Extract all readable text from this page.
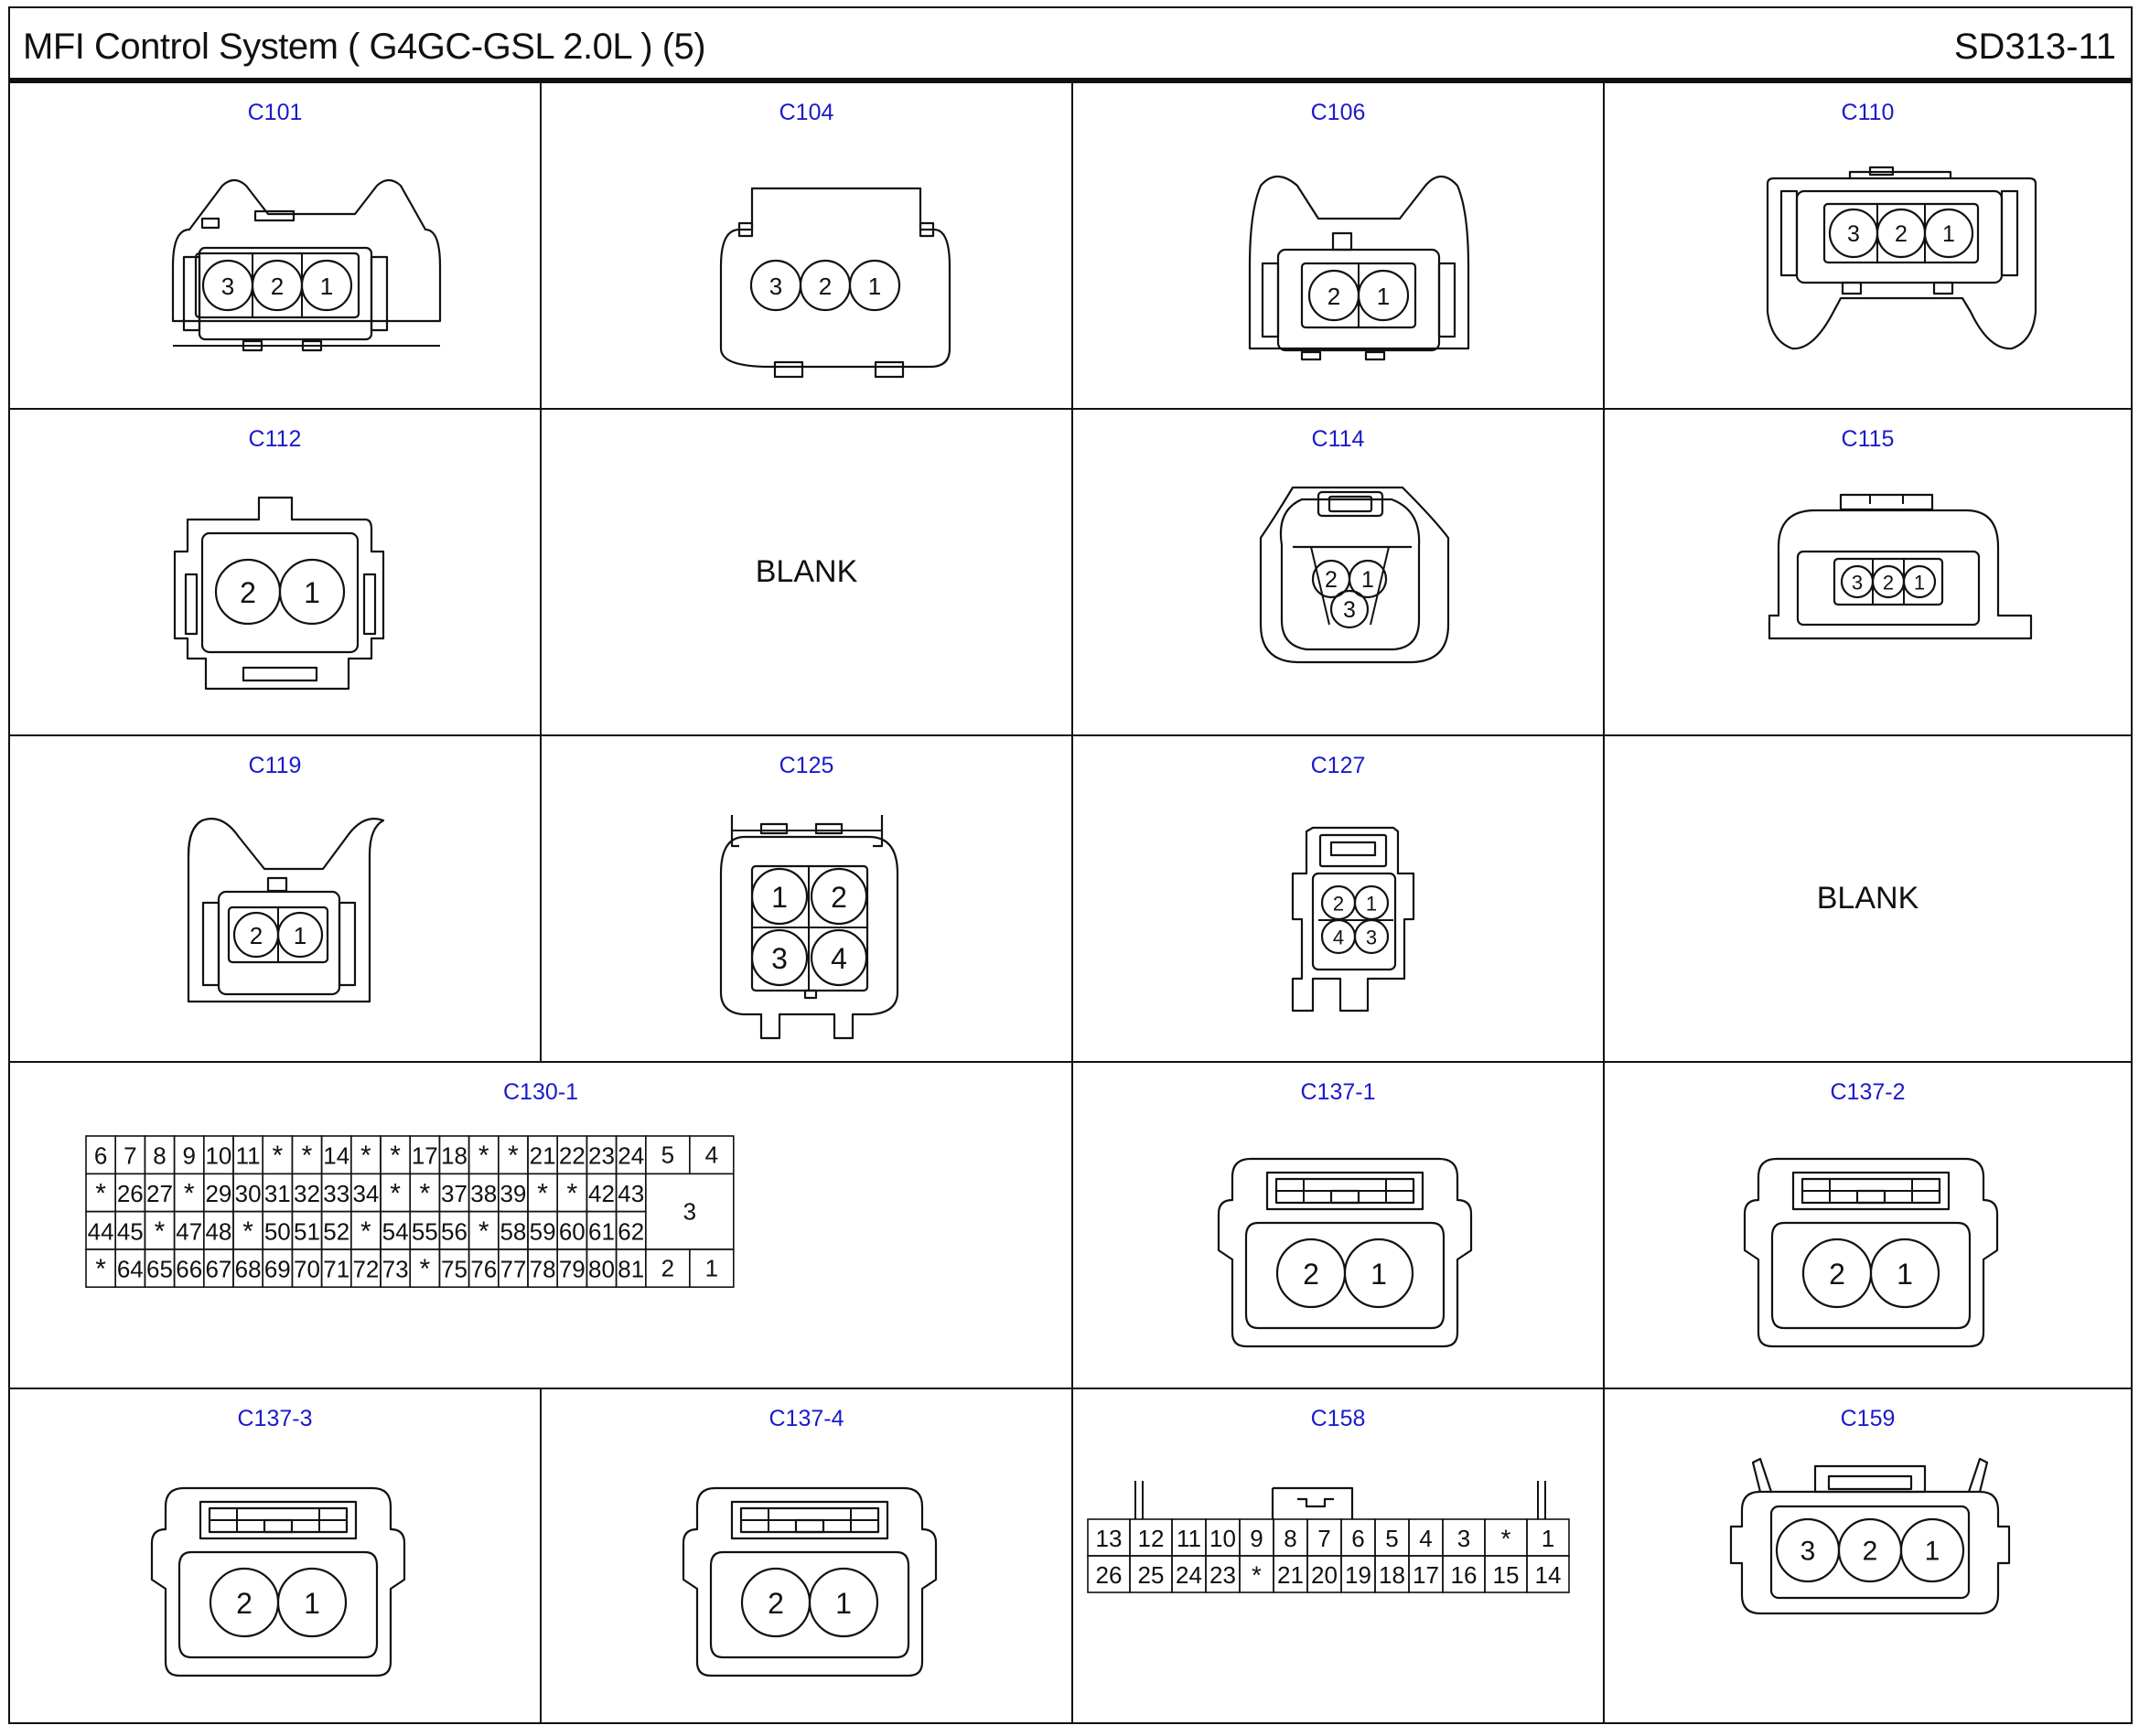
MFI Control System ( G4GC-GSL 2.0L ) (5)	SD313-11
C101
3 2 1
C104
3 2 1
C106
2 1
C110
3 2 1
C112
2 1
BLANK
C114
2 1
3
C115
3 2 1
C119
2 1
C125
1 2
3 4
C127
2 1
4 3
BLANK
C130-1
6 7 8 9 10 11 * * 14 * * 17 18 * * 21 22 23 24
* 26 27 * 29 30 31 32 33 34 * * 37 38 39 * * 42 43
44 45 * 47 48 * 50 51 52 * 54 55 56 * 58 59 60 61 62
* 64 65 66 67 68 69 70 71 72 73 * 75 76 77 78 79 80 81
5 4
3
2 1
C137-1
2 1
C137-2
2 1
C137-3
2 1
C137-4
2 1
C158
13 12 11 10 9 8 7 6 5 4 3 * 1
26 25 24 23 * 21 20 19 18 17 16 15 14
C159
3 2 1
